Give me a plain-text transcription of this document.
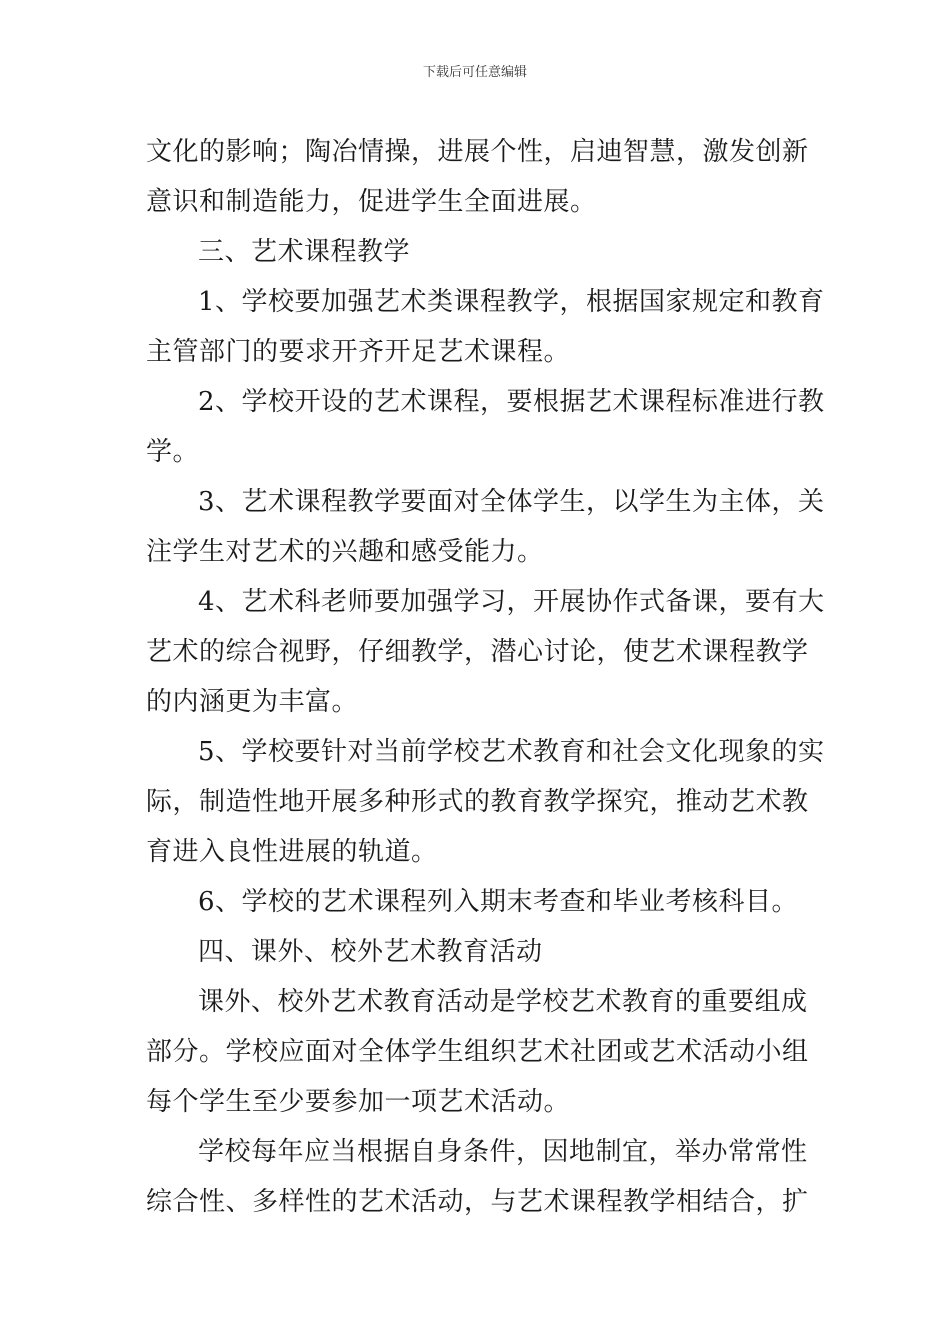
下载后可任意编辑
文化的影响；陶冶情操，进展个性，启迪智慧，激发创新
意识和制造能力，促进学生全面进展。
三、艺术课程教学
1、学校要加强艺术类课程教学，根据国家规定和教育
主管部门的要求开齐开足艺术课程。
2、学校开设的艺术课程，要根据艺术课程标准进行教
学。
3、艺术课程教学要面对全体学生，以学生为主体，关
注学生对艺术的兴趣和感受能力。
4、艺术科老师要加强学习，开展协作式备课，要有大
艺术的综合视野，仔细教学，潜心讨论，使艺术课程教学
的内涵更为丰富。
5、学校要针对当前学校艺术教育和社会文化现象的实
际，制造性地开展多种形式的教育教学探究，推动艺术教
育进入良性进展的轨道。
6、学校的艺术课程列入期末考查和毕业考核科目。
四、课外、校外艺术教育活动
课外、校外艺术教育活动是学校艺术教育的重要组成
部分。学校应面对全体学生组织艺术社团或艺术活动小组
每个学生至少要参加一项艺术活动。
学校每年应当根据自身条件，因地制宜，举办常常性
综合性、多样性的艺术活动，与艺术课程教学相结合，扩
